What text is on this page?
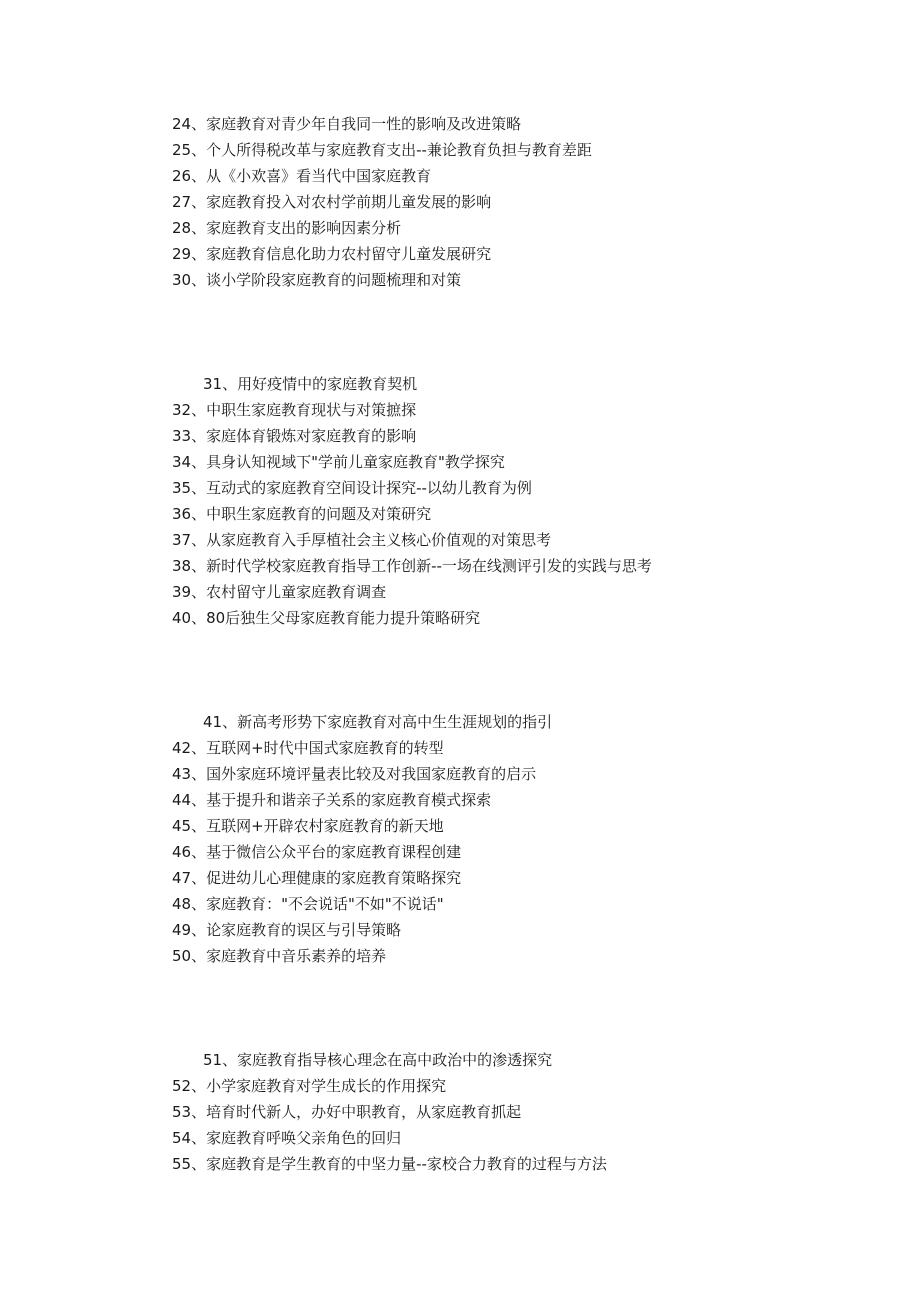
24、家庭教育对青少年自我同一性的影响及改进策略
25、个人所得税改革与家庭教育支出--兼论教育负担与教育差距
26、从《小欢喜》看当代中国家庭教育
27、家庭教育投入对农村学前期儿童发展的影响
28、家庭教育支出的影响因素分析
29、家庭教育信息化助力农村留守儿童发展研究
30、谈小学阶段家庭教育的问题梳理和对策
31、用好疫情中的家庭教育契机
32、中职生家庭教育现状与对策摭探
33、家庭体育锻炼对家庭教育的影响
34、具身认知视域下"学前儿童家庭教育"教学探究
35、互动式的家庭教育空间设计探究--以幼儿教育为例
36、中职生家庭教育的问题及对策研究
37、从家庭教育入手厚植社会主义核心价值观的对策思考
38、新时代学校家庭教育指导工作创新--一场在线测评引发的实践与思考
39、农村留守儿童家庭教育调查
40、80后独生父母家庭教育能力提升策略研究
41、新高考形势下家庭教育对高中生生涯规划的指引
42、互联网+时代中国式家庭教育的转型
43、国外家庭环境评量表比较及对我国家庭教育的启示
44、基于提升和谐亲子关系的家庭教育模式探索
45、互联网+开辟农村家庭教育的新天地
46、基于微信公众平台的家庭教育课程创建
47、促进幼儿心理健康的家庭教育策略探究
48、家庭教育："不会说话"不如"不说话"
49、论家庭教育的误区与引导策略
50、家庭教育中音乐素养的培养
51、家庭教育指导核心理念在高中政治中的渗透探究
52、小学家庭教育对学生成长的作用探究
53、培育时代新人，办好中职教育，从家庭教育抓起
54、家庭教育呼唤父亲角色的回归
55、家庭教育是学生教育的中坚力量--家校合力教育的过程与方法
